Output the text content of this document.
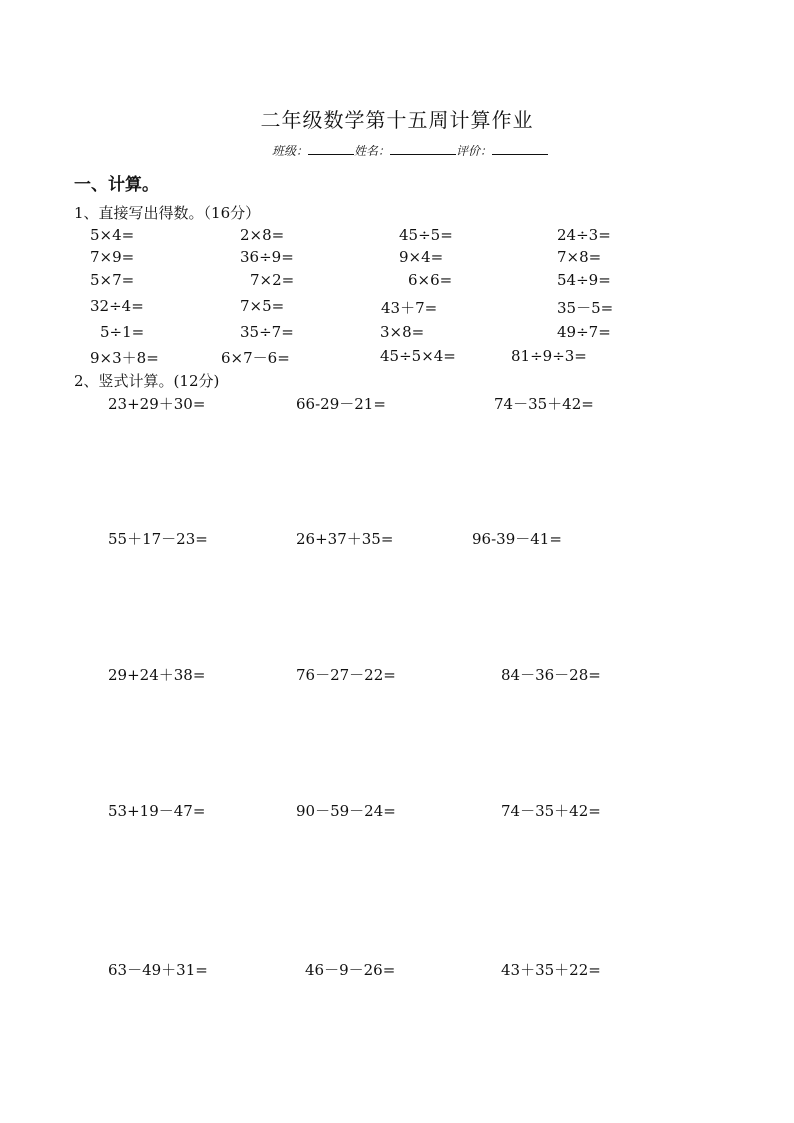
二年级数学第十五周计算作业
班级：	姓名：	评价：
一、计算。
1、直接写出得数。（16分）
5×4=	2×8=	45÷5=	24÷3=
7×9=	36÷9=	9×4=	7×8=
5×7=	7×2=	6×6=	54÷9=
32÷4=	7×5=	43＋7=	35－5=
5÷1=	35÷7=	3×8=	49÷7=
9×3＋8=	6×7－6=	45÷5×4=	81÷9÷3=
2、竖式计算。(12分)
23+29＋30=	66-29－21=	74－35＋42=
55＋17－23=	26+37＋35=	96-39－41=
29+24＋38=	76－27－22=	84－36－28=
53+19－47=	90－59－24=	74－35＋42=
63－49＋31=	46－9－26=	43＋35＋22=
